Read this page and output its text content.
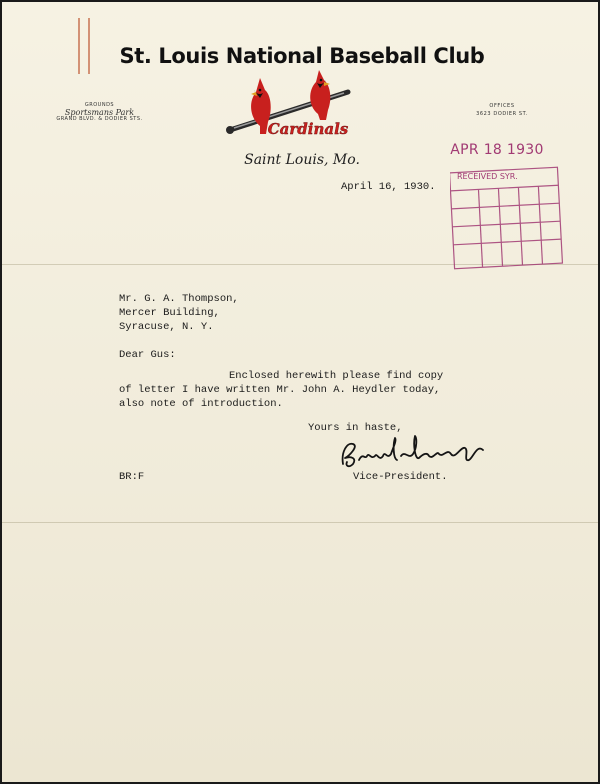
St. Louis National Baseball Club
GROUNDS
Sportsmans Park
GRAND BLVD. & DODIER STS.
OFFICES
3623 DODIER ST.
Cardinals
Saint Louis, Mo.
APR 18 1930
RECEIVED SYR.
April 16, 1930.
Mr. G. A. Thompson,
Mercer Building,
Syracuse, N. Y.
Dear Gus:
Enclosed herewith please find copy
of letter I have written Mr. John A. Heydler today,
also note of introduction.
Yours in haste,
BR:F	Vice-President.
